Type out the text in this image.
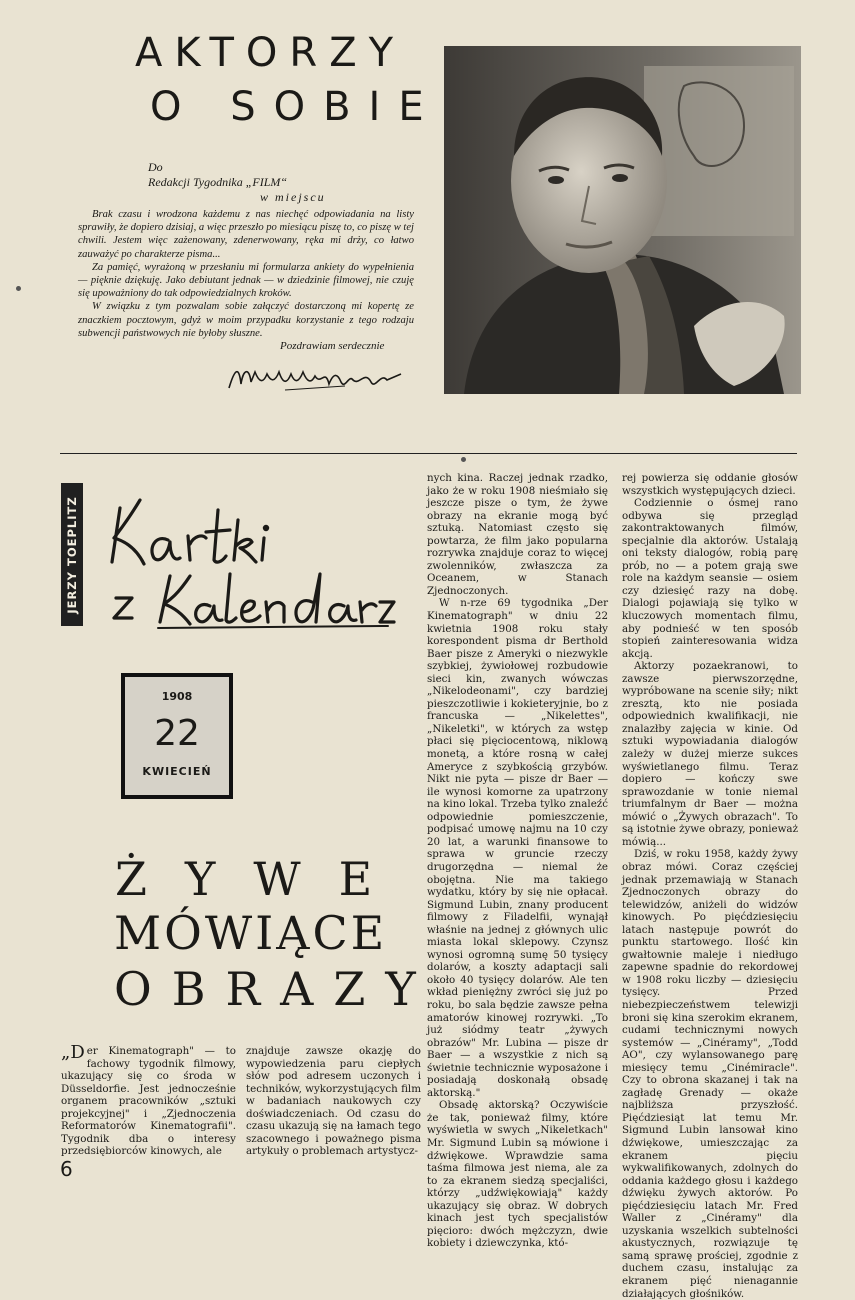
AKTORZY
O SOBIE
Do
Redakcji Tygodnika „FILM“
w miejscu

Brak czasu i wrodzona każdemu z nas niechęć odpowiadania na listy sprawiły, że dopiero dzisiaj, a więc przeszło po miesiącu piszę to, co piszę w tej chwili. Jestem więc zażenowany, zdenerwowany, ręka mi drży, co łatwo zauważyć po charakterze pisma...

Za pamięć, wyrażoną w przesłaniu mi formularza ankiety do wypełnienia — pięknie dziękuję. Jako debiutant jednak — w dziedzinie filmowej, nie czuję się upoważniony do tak odpowiedzialnych kroków.

W związku z tym pozwalam sobie załączyć dostarczoną mi kopertę ze znaczkiem pocztowym, gdyż w moim przypadku korzystanie z tego rodzaju subwencji państwowych nie byłoby słuszne.

Pozdrawiam serdecznie
JERZY TOEPLITZ
1908
22
KWIECIEŃ
ŻYWE
MÓWIĄCE
OBRAZY

„Der Kinematograph" — to fachowy tygodnik filmowy, ukazujący się co środa w Düsseldorfie. Jest jednocześnie organem pracowników „sztuki projekcyjnej" i „Zjednoczenia Reformatorów Kinematografii". Tygodnik dba o interesy przedsiębiorców kinowych, ale

znajduje zawsze okazję do wypowiedzenia paru ciepłych słów pod adresem uczonych i techników, wykorzystujących film w badaniach naukowych czy doświadczeniach. Od czasu do czasu ukazują się na łamach tego szacownego i poważnego pisma artykuły o problemach artystycz-

nych kina. Raczej jednak rzadko, jako że w roku 1908 nieśmiało się jeszcze pisze o tym, że żywe obrazy na ekranie mogą być sztuką. Natomiast często się powtarza, że film jako popularna rozrywka znajduje coraz to więcej zwolenników, zwłaszcza za Oceanem, w Stanach Zjednoczonych.

W n-rze 69 tygodnika „Der Kinematograph" w dniu 22 kwietnia 1908 roku stały korespondent pisma dr Berthold Baer pisze z Ameryki o niezwykle szybkiej, żywiołowej rozbudowie sieci kin, zwanych wówczas „Nikelodeonami", czy bardziej pieszczotliwie i kokieteryjnie, bo z francuska — „Nikelettes", „Nikeletki", w których za wstęp płaci się pięciocentową, niklową monetą, a które rosną w całej Ameryce z szybkością grzybów. Nikt nie pyta — pisze dr Baer — ile wynosi komorne za upatrzony na kino lokal. Trzeba tylko znaleźć odpowiednie pomieszczenie, podpisać umowę najmu na 10 czy 20 lat, a warunki finansowe to sprawa w gruncie rzeczy drugorzędna — niemal że obojętna. Nie ma takiego wydatku, który by się nie opłacał. Sigmund Lubin, znany producent filmowy z Filadelfii, wynajął właśnie na jednej z głównych ulic miasta lokal sklepowy. Czynsz wynosi ogromną sumę 50 tysięcy dolarów, a koszty adaptacji sali około 40 tysięcy dolarów. Ale ten wkład pieniężny zwróci się już po roku, bo sala będzie zawsze pełna amatorów kinowej rozrywki. „To już siódmy teatr „żywych obrazów" Mr. Lubina — pisze dr Baer — a wszystkie z nich są świetnie technicznie wyposażone i posiadają doskonałą obsadę aktorską."

Obsadę aktorską? Oczywiście że tak, ponieważ filmy, które wyświetla w swych „Nikeletkach" Mr. Sigmund Lubin są mówione i dźwiękowe. Wprawdzie sama taśma filmowa jest niema, ale za to za ekranem siedzą specjaliści, którzy „udźwiękowiają" każdy ukazujący się obraz. W dobrych kinach jest tych specjalistów pięcioro: dwóch mężczyzn, dwie kobiety i dziewczynka, któ-

rej powierza się oddanie głosów wszystkich występujących dzieci.

Codziennie o ósmej rano odbywa się przegląd zakontraktowanych filmów, specjalnie dla aktorów. Ustalają oni teksty dialogów, robią parę prób, no — a potem grają swe role na każdym seansie — osiem czy dziesięć razy na dobę. Dialogi pojawiają się tylko w kluczowych momentach filmu, aby podnieść w ten sposób stopień zainteresowania widza akcją.

Aktorzy pozaekranowi, to zawsze pierwszorzędne, wypróbowane na scenie siły; nikt zresztą, kto nie posiada odpowiednich kwalifikacji, nie znalazłby zajęcia w kinie. Od sztuki wypowiadania dialogów zależy w dużej mierze sukces wyświetlanego filmu. Teraz dopiero — kończy swe sprawozdanie w tonie niemal triumfalnym dr Baer — można mówić o „Żywych obrazach". To są istotnie żywe obrazy, ponieważ mówią...

Dziś, w roku 1958, każdy żywy obraz mówi. Coraz częściej jednak przemawiają w Stanach Zjednoczonych obrazy do telewidzów, aniżeli do widzów kinowych. Po pięćdziesięciu latach następuje powrót do punktu startowego. Ilość kin gwałtownie maleje i niedługo zapewne spadnie do rekordowej w 1908 roku liczby — dziesięciu tysięcy. Przed niebezpieczeństwem telewizji broni się kina szerokim ekranem, cudami technicznymi nowych systemów — „Cinéramy", „Todd AO", czy wylansowanego parę miesięcy temu „Cinémiracle". Czy to obrona skazanej i tak na zagładę Grenady — okaże najbliższa przyszłość. Pięćdziesiąt lat temu Mr. Sigmund Lubin lansował kino dźwiękowe, umieszczając za ekranem pięciu wykwalifikowanych, zdolnych do oddania każdego głosu i każdego dźwięku żywych aktorów. Po pięćdziesięciu latach Mr. Fred Waller z „Cinéramy" dla uzyskania wszelkich subtelności akustycznych, rozwiązuje tę samą sprawę prościej, zgodnie z duchem czasu, instalując za ekranem pięć nienagannie działających głośników.

6
